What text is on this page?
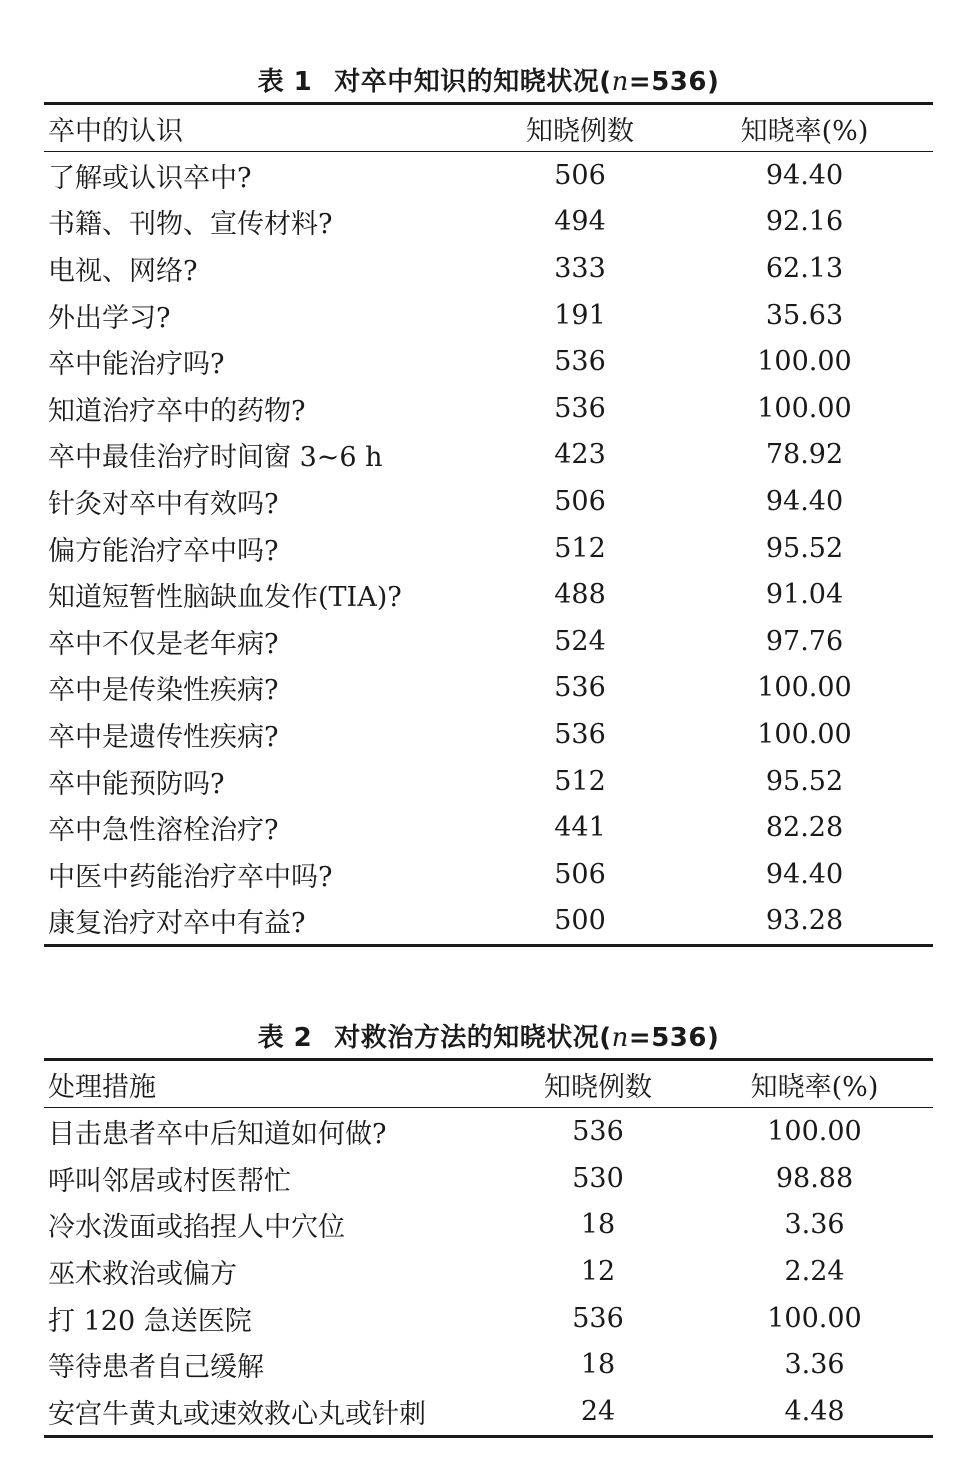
表 1 对卒中知识的知晓状况(n=536)
卒中的认识	知晓例数	知晓率(%)
了解或认识卒中?	506	94.40
书籍、刊物、宣传材料?	494	92.16
电视、网络?	333	62.13
外出学习?	191	35.63
卒中能治疗吗?	536	100.00
知道治疗卒中的药物?	536	100.00
卒中最佳治疗时间窗 3~6 h	423	78.92
针灸对卒中有效吗?	506	94.40
偏方能治疗卒中吗?	512	95.52
知道短暂性脑缺血发作(TIA)?	488	91.04
卒中不仅是老年病?	524	97.76
卒中是传染性疾病?	536	100.00
卒中是遗传性疾病?	536	100.00
卒中能预防吗?	512	95.52
卒中急性溶栓治疗?	441	82.28
中医中药能治疗卒中吗?	506	94.40
康复治疗对卒中有益?	500	93.28
表 2 对救治方法的知晓状况(n=536)
处理措施	知晓例数	知晓率(%)
目击患者卒中后知道如何做?	536	100.00
呼叫邻居或村医帮忙	530	98.88
冷水泼面或掐捏人中穴位	18	3.36
巫术救治或偏方	12	2.24
打 120 急送医院	536	100.00
等待患者自己缓解	18	3.36
安宫牛黄丸或速效救心丸或针刺	24	4.48
